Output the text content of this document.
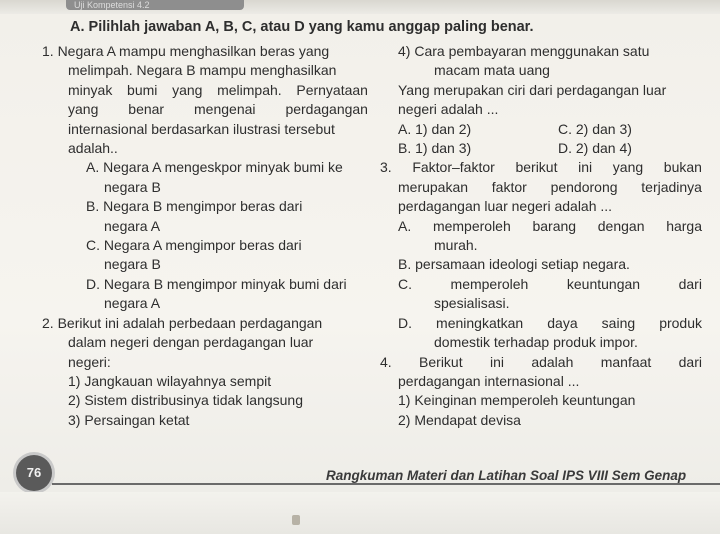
Uji Kompetensi 4.2
A. Pilihlah jawaban A, B, C, atau D yang kamu anggap paling benar.
1. Negara A mampu menghasilkan beras yang
melimpah. Negara B mampu menghasilkan
minyak bumi yang melimpah. Pernyataan
yang benar mengenai perdagangan
internasional berdasarkan ilustrasi tersebut
adalah..
A. Negara A mengeskpor minyak bumi ke
negara B
B. Negara B mengimpor beras dari
negara A
C. Negara A mengimpor beras dari
negara B
D. Negara B mengimpor minyak bumi dari
negara A
2. Berikut ini adalah perbedaan perdagangan
dalam negeri dengan perdagangan luar
negeri:
1) Jangkauan wilayahnya sempit
2) Sistem distribusinya tidak langsung
3) Persaingan ketat
4) Cara pembayaran menggunakan satu
macam mata uang
Yang merupakan ciri dari perdagangan luar
negeri adalah ...
A. 1) dan 2)	C. 2) dan 3)
B. 1) dan 3)	D. 2) dan 4)
3. Faktor–faktor berikut ini yang bukan
merupakan faktor pendorong terjadinya
perdagangan luar negeri adalah ...
A. memperoleh barang dengan harga
murah.
B. persamaan ideologi setiap negara.
C.	memperoleh	keuntungan	dari
spesialisasi.
D. meningkatkan daya saing produk
domestik terhadap produk impor.
4. Berikut ini adalah manfaat dari
perdagangan internasional ...
1) Keinginan memperoleh keuntungan
2) Mendapat devisa
76	Rangkuman Materi dan Latihan Soal IPS VIII Sem Genap
